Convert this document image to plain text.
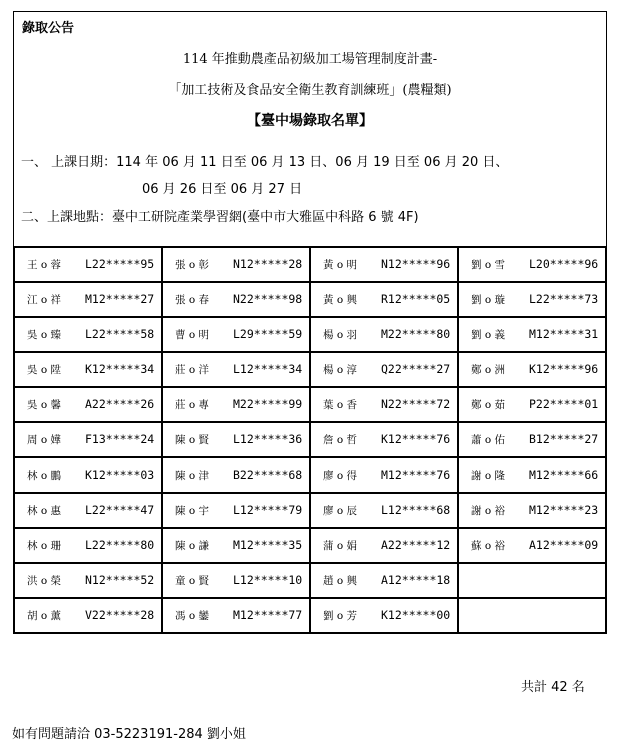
錄取公告
114 年推動農產品初級加工場管理制度計畫-
「加工技術及食品安全衛生教育訓練班」(農糧類)
【臺中場錄取名單】
一、 上課日期：114 年 06 月 11 日至 06 月 13 日、06 月 19 日至 06 月 20 日、
06 月 26 日至 06 月 27 日
二、上課地點：臺中工研院產業學習網(臺中市大雅區中科路 6 號 4F)
王 o 蓉 L22*****95	張 o 彰 N12*****28	黃 o 明 N12*****96	劉 o 雪 L20*****96
江 o 祥 M12*****27	張 o 春 N22*****98	黃 o 興 R12*****05	劉 o 璇 L22*****73
吳 o 臻 L22*****58	曹 o 明 L29*****59	楊 o 羽 M22*****80	劉 o 義 M12*****31
吳 o 陞 K12*****34	莊 o 洋 L12*****34	楊 o 淳 Q22*****27	鄭 o 洲 K12*****96
吳 o 馨 A22*****26	莊 o 專 M22*****99	葉 o 香 N22*****72	鄭 o 茹 P22*****01
周 o 嬅 F13*****24	陳 o 賢 L12*****36	詹 o 哲 K12*****76	蕭 o 佑 B12*****27
林 o 鵬 K12*****03	陳 o 津 B22*****68	廖 o 得 M12*****76	謝 o 隆 M12*****66
林 o 惠 L22*****47	陳 o 宇 L12*****79	廖 o 辰 L12*****68	謝 o 裕 M12*****23
林 o 珊 L22*****80	陳 o 謙 M12*****35	蒲 o 娟 A22*****12	蘇 o 裕 A12*****09
洪 o 榮 N12*****52	童 o 賢 L12*****10	趙 o 興 A12*****18	
胡 o 薰 V22*****28	馮 o 鑾 M12*****77	劉 o 芳 K12*****00	
共計 42 名
如有問題請洽 03-5223191-284 劉小姐
